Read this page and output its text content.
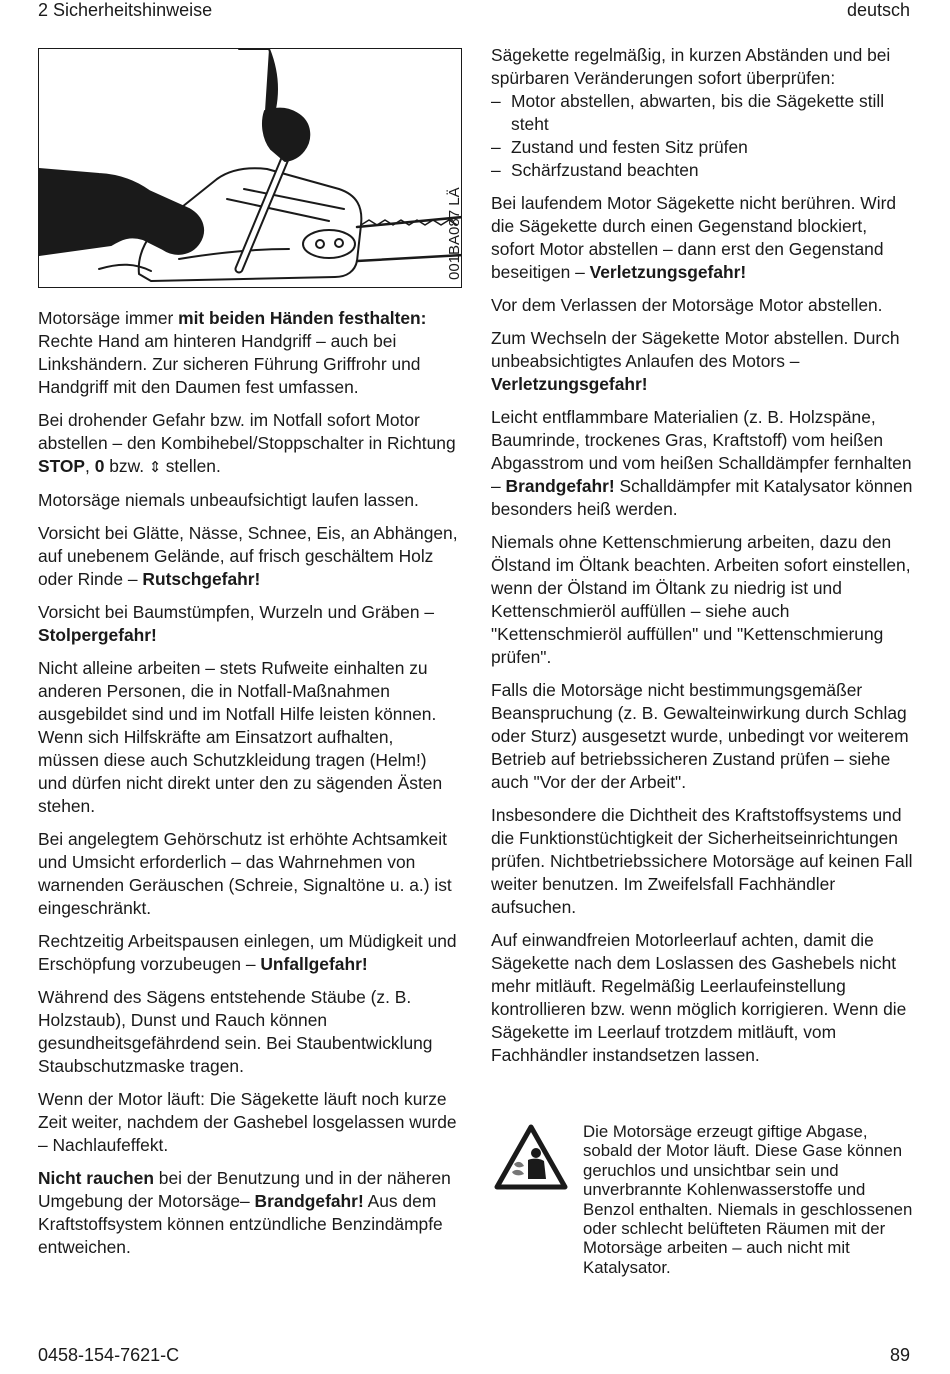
2 Sicherheitshinweise	deutsch
001BA087 LÄ

Motorsäge immer mit beiden Händen festhalten: Rechte Hand am hinteren Handgriff – auch bei Linkshändern. Zur sicheren Führung Griffrohr und Handgriff mit den Daumen fest umfassen.

Bei drohender Gefahr bzw. im Notfall sofort Motor abstellen – den Kombihebel/Stoppschalter in Richtung STOP, 0 bzw. ⇕ stellen.

Motorsäge niemals unbeaufsichtigt laufen lassen.

Vorsicht bei Glätte, Nässe, Schnee, Eis, an Abhängen, auf unebenem Gelände, auf frisch geschältem Holz oder Rinde – Rutschgefahr!

Vorsicht bei Baumstümpfen, Wurzeln und Gräben – Stolpergefahr!

Nicht alleine arbeiten – stets Rufweite einhalten zu anderen Personen, die in Notfall-Maßnahmen ausgebildet sind und im Notfall Hilfe leisten können. Wenn sich Hilfskräfte am Einsatzort aufhalten, müssen diese auch Schutzkleidung tragen (Helm!) und dürfen nicht direkt unter den zu sägenden Ästen stehen.

Bei angelegtem Gehörschutz ist erhöhte Achtsamkeit und Umsicht erforderlich – das Wahrnehmen von warnenden Geräuschen (Schreie, Signaltöne u. a.) ist eingeschränkt.

Rechtzeitig Arbeitspausen einlegen, um Müdigkeit und Erschöpfung vorzubeugen – Unfallgefahr!

Während des Sägens entstehende Stäube (z. B. Holzstaub), Dunst und Rauch können gesundheitsgefährdend sein. Bei Staubentwicklung Staubschutzmaske tragen.

Wenn der Motor läuft: Die Sägekette läuft noch kurze Zeit weiter, nachdem der Gashebel losgelassen wurde – Nachlaufeffekt.

Nicht rauchen bei der Benutzung und in der näheren Umgebung der Motorsäge– Brandgefahr! Aus dem Kraftstoffsystem können entzündliche Benzindämpfe entweichen.

Sägekette regelmäßig, in kurzen Abständen und bei spürbaren Veränderungen sofort überprüfen:

– Motor abstellen, abwarten, bis die Sägekette still steht
– Zustand und festen Sitz prüfen
– Schärfzustand beachten

Bei laufendem Motor Sägekette nicht berühren. Wird die Sägekette durch einen Gegenstand blockiert, sofort Motor abstellen – dann erst den Gegenstand beseitigen – Verletzungsgefahr!

Vor dem Verlassen der Motorsäge Motor abstellen.

Zum Wechseln der Sägekette Motor abstellen. Durch unbeabsichtigtes Anlaufen des Motors – Verletzungsgefahr!

Leicht entflammbare Materialien (z. B. Holzspäne, Baumrinde, trockenes Gras, Kraftstoff) vom heißen Abgasstrom und vom heißen Schalldämpfer fernhalten – Brandgefahr! Schalldämpfer mit Katalysator können besonders heiß werden.

Niemals ohne Kettenschmierung arbeiten, dazu den Ölstand im Öltank beachten. Arbeiten sofort einstellen, wenn der Ölstand im Öltank zu niedrig ist und Kettenschmieröl auffüllen – siehe auch "Kettenschmieröl auffüllen" und "Kettenschmierung prüfen".

Falls die Motorsäge nicht bestimmungsgemäßer Beanspruchung (z. B. Gewalteinwirkung durch Schlag oder Sturz) ausgesetzt wurde, unbedingt vor weiterem Betrieb auf betriebssicheren Zustand prüfen – siehe auch "Vor der der Arbeit".

Insbesondere die Dichtheit des Kraftstoffsystems und die Funktionstüchtigkeit der Sicherheitseinrichtungen prüfen. Nichtbetriebssichere Motorsäge auf keinen Fall weiter benutzen. Im Zweifelsfall Fachhändler aufsuchen.

Auf einwandfreien Motorleerlauf achten, damit die Sägekette nach dem Loslassen des Gashebels nicht mehr mitläuft. Regelmäßig Leerlaufeinstellung kontrollieren bzw. wenn möglich korrigieren. Wenn die Sägekette im Leerlauf trotzdem mitläuft, vom Fachhändler instandsetzen lassen.

Die Motorsäge erzeugt giftige Abgase, sobald der Motor läuft. Diese Gase können geruchlos und unsichtbar sein und unverbrannte Kohlenwasserstoffe und Benzol enthalten. Niemals in geschlossenen oder schlecht belüfteten Räumen mit der Motorsäge arbeiten – auch nicht mit Katalysator.
0458-154-7621-C	89
